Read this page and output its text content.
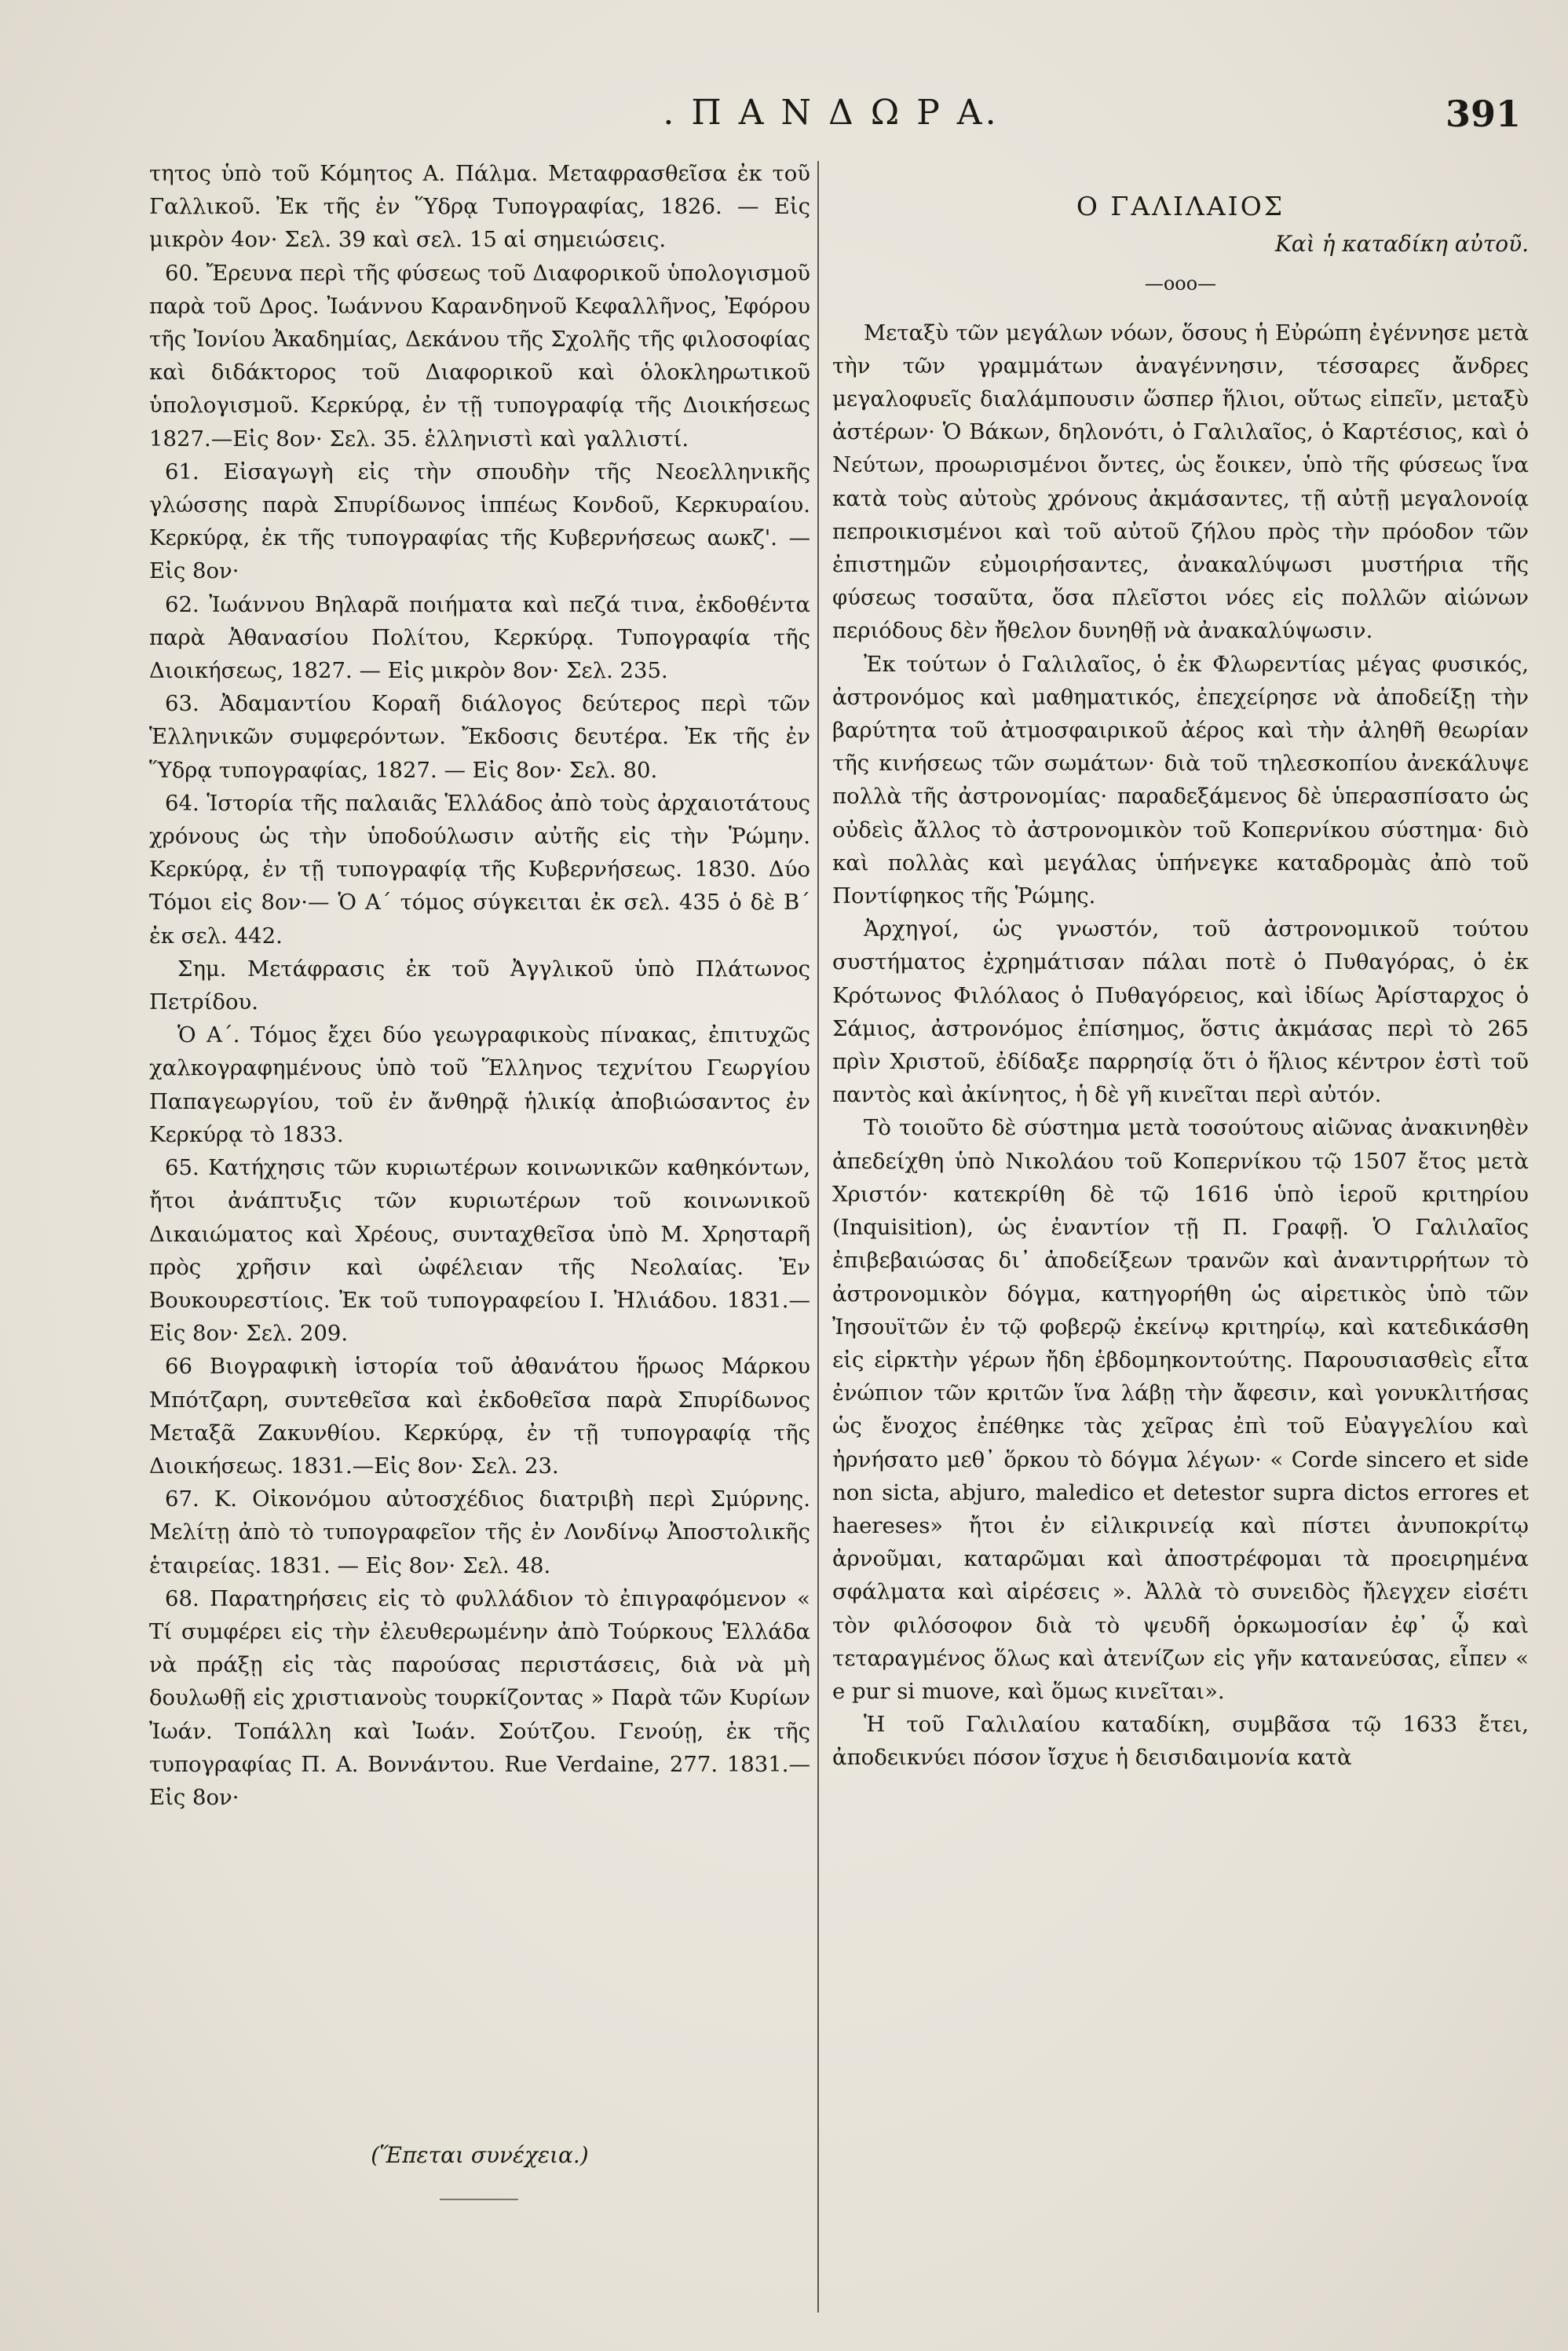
. Π Α Ν Δ Ω Ρ Α.	391

τητος ὑπὸ τοῦ Κόμητος Α. Πάλμα. Μεταφρασθεῖσα ἐκ τοῦ Γαλλικοῦ. Ἐκ τῆς ἐν Ὕδρᾳ Τυπογραφίας, 1826. — Εἰς μικρὸν 4ον· Σελ. 39 καὶ σελ. 15 αἱ σημειώσεις.

60. Ἔρευνα περὶ τῆς φύσεως τοῦ Διαφορικοῦ ὑπολογισμοῦ παρὰ τοῦ Δρος. Ἰωάννου Καρανδηνοῦ Κεφαλλῆνος, Ἐφόρου τῆς Ἰονίου Ἀκαδημίας, Δεκάνου τῆς Σχολῆς τῆς φιλοσοφίας καὶ διδάκτορος τοῦ Διαφορικοῦ καὶ ὁλοκληρωτικοῦ ὑπολογισμοῦ. Κερκύρᾳ, ἐν τῇ τυπογραφίᾳ τῆς Διοικήσεως 1827.—Εἰς 8ον· Σελ. 35. ἑλληνιστὶ καὶ γαλλιστί.

61. Εἰσαγωγὴ εἰς τὴν σπουδὴν τῆς Νεοελληνικῆς γλώσσης παρὰ Σπυρίδωνος ἱππέως Κονδοῦ, Κερκυραίου. Κερκύρᾳ, ἐκ τῆς τυπογραφίας τῆς Κυβερνήσεως αωκζ'. — Εἰς 8ον·

62. Ἰωάννου Βηλαρᾶ ποιήματα καὶ πεζά τινα, ἐκδοθέντα παρὰ Ἀθανασίου Πολίτου, Κερκύρᾳ. Τυπογραφία τῆς Διοικήσεως, 1827. — Εἰς μικρὸν 8ον· Σελ. 235.

63. Ἀδαμαντίου Κοραῆ διάλογος δεύτερος περὶ τῶν Ἑλληνικῶν συμφερόντων. Ἔκδοσις δευτέρα. Ἐκ τῆς ἐν Ὕδρᾳ τυπογραφίας, 1827. — Εἰς 8ον· Σελ. 80.

64. Ἱστορία τῆς παλαιᾶς Ἑλλάδος ἀπὸ τοὺς ἀρχαιοτάτους χρόνους ὡς τὴν ὑποδούλωσιν αὐτῆς εἰς τὴν Ῥώμην. Κερκύρᾳ, ἐν τῇ τυπογραφίᾳ τῆς Κυβερνήσεως. 1830. Δύο Τόμοι εἰς 8ον·— Ὁ Α΄ τόμος σύγκειται ἐκ σελ. 435 ὁ δὲ Β΄ ἐκ σελ. 442.

Σημ. Μετάφρασις ἐκ τοῦ Ἀγγλικοῦ ὑπὸ Πλάτωνος Πετρίδου.

Ὁ Α΄. Τόμος ἔχει δύο γεωγραφικοὺς πίνακας, ἐπιτυχῶς χαλκογραφημένους ὑπὸ τοῦ Ἕλληνος τεχνίτου Γεωργίου Παπαγεωργίου, τοῦ ἐν ἄνθηρᾷ ἡλικίᾳ ἀποβιώσαντος ἐν Κερκύρᾳ τὸ 1833.

65. Κατήχησις τῶν κυριωτέρων κοινωνικῶν καθηκόντων, ἤτοι ἀνάπτυξις τῶν κυριωτέρων τοῦ κοινωνικοῦ Δικαιώματος καὶ Χρέους, συνταχθεῖσα ὑπὸ Μ. Χρησταρῆ πρὸς χρῆσιν καὶ ὠφέλειαν τῆς Νεολαίας. Ἐν Βουκουρεστίοις. Ἐκ τοῦ τυπογραφείου Ι. Ἠλιάδου. 1831.—Εἰς 8ον· Σελ. 209.

66 Βιογραφικὴ ἱστορία τοῦ ἀθανάτου ἥρωος Μάρκου Μπότζαρη, συντεθεῖσα καὶ ἐκδοθεῖσα παρὰ Σπυρίδωνος Μεταξᾶ Ζακυνθίου. Κερκύρᾳ, ἐν τῇ τυπογραφίᾳ τῆς Διοικήσεως. 1831.—Εἰς 8ον· Σελ. 23.

67. Κ. Οἰκονόμου αὐτοσχέδιος διατριβὴ περὶ Σμύρνης. Μελίτῃ ἀπὸ τὸ τυπογραφεῖον τῆς ἐν Λονδίνῳ Ἀποστολικῆς ἑταιρείας. 1831. — Εἰς 8ον· Σελ. 48.

68. Παρατηρήσεις εἰς τὸ φυλλάδιον τὸ ἐπιγραφόμενον « Τί συμφέρει εἰς τὴν ἐλευθερωμένην ἀπὸ Τούρκους Ἑλλάδα νὰ πράξῃ εἰς τὰς παρούσας περιστάσεις, διὰ νὰ μὴ δουλωθῇ εἰς χριστιανοὺς τουρκίζοντας » Παρὰ τῶν Κυρίων Ἰωάν. Τοπάλλη καὶ Ἰωάν. Σούτζου. Γενούῃ, ἐκ τῆς τυπογραφίας Π. Α. Βοννάντου. Rue Verdaine, 277. 1831.— Εἰς 8ον·

(Ἕπεται συνέχεια.)
Ο ΓΑΛΙΛΑΙΟΣ
Καὶ ἡ καταδίκη αὐτοῦ.
—ooo—

Μεταξὺ τῶν μεγάλων νόων, ὅσους ἡ Εὐρώπη ἐγέννησε μετὰ τὴν τῶν γραμμάτων ἀναγέννησιν, τέσσαρες ἄνδρες μεγαλοφυεῖς διαλάμπουσιν ὥσπερ ἥλιοι, οὕτως εἰπεῖν, μεταξὺ ἀστέρων· Ὁ Βάκων, δηλονότι, ὁ Γαλιλαῖος, ὁ Καρτέσιος, καὶ ὁ Νεύτων, προωρισμένοι ὄντες, ὡς ἔοικεν, ὑπὸ τῆς φύσεως ἵνα κατὰ τοὺς αὐτοὺς χρόνους ἀκμάσαντες, τῇ αὐτῇ μεγαλονοίᾳ πεπροικισμένοι καὶ τοῦ αὐτοῦ ζήλου πρὸς τὴν πρόοδον τῶν ἐπιστημῶν εὐμοιρήσαντες, ἀνακαλύψωσι μυστήρια τῆς φύσεως τοσαῦτα, ὅσα πλεῖστοι νόες εἰς πολλῶν αἰώνων περιόδους δὲν ἤθελον δυνηθῇ νὰ ἀνακαλύψωσιν.

Ἐκ τούτων ὁ Γαλιλαῖος, ὁ ἐκ Φλωρεντίας μέγας φυσικός, ἀστρονόμος καὶ μαθηματικός, ἐπεχείρησε νὰ ἀποδείξῃ τὴν βαρύτητα τοῦ ἀτμοσφαιρικοῦ ἀέρος καὶ τὴν ἀληθῆ θεωρίαν τῆς κινήσεως τῶν σωμάτων· διὰ τοῦ τηλεσκοπίου ἀνεκάλυψε πολλὰ τῆς ἀστρονομίας· παραδεξάμενος δὲ ὑπερασπίσατο ὡς οὐδεὶς ἄλλος τὸ ἀστρονομικὸν τοῦ Κοπερνίκου σύστημα· διὸ καὶ πολλὰς καὶ μεγάλας ὑπήνεγκε καταδρομὰς ἀπὸ τοῦ Ποντίφηκος τῆς Ῥώμης.

Ἀρχηγοί, ὡς γνωστόν, τοῦ ἀστρονομικοῦ τούτου συστήματος ἐχρημάτισαν πάλαι ποτὲ ὁ Πυθαγόρας, ὁ ἐκ Κρότωνος Φιλόλαος ὁ Πυθαγόρειος, καὶ ἰδίως Ἀρίσταρχος ὁ Σάμιος, ἀστρονόμος ἐπίσημος, ὅστις ἀκμάσας περὶ τὸ 265 πρὶν Χριστοῦ, ἐδίδαξε παρρησίᾳ ὅτι ὁ ἥλιος κέντρον ἐστὶ τοῦ παντὸς καὶ ἀκίνητος, ἡ δὲ γῆ κινεῖται περὶ αὐτόν.

Τὸ τοιοῦτο δὲ σύστημα μετὰ τοσούτους αἰῶνας ἀνακινηθὲν ἀπεδείχθη ὑπὸ Νικολάου τοῦ Κοπερνίκου τῷ 1507 ἔτος μετὰ Χριστόν· κατεκρίθη δὲ τῷ 1616 ὑπὸ ἱεροῦ κριτηρίου (Inquisition), ὡς ἐναντίον τῇ Π. Γραφῇ. Ὁ Γαλιλαῖος ἐπιβεβαιώσας δι᾽ ἀποδείξεων τρανῶν καὶ ἀναντιρρήτων τὸ ἀστρονομικὸν δόγμα, κατηγορήθη ὡς αἱρετικὸς ὑπὸ τῶν Ἰησουϊτῶν ἐν τῷ φοβερῷ ἐκείνῳ κριτηρίῳ, καὶ κατεδικάσθη εἰς εἱρκτὴν γέρων ἤδη ἑβδομηκοντούτης. Παρουσιασθεὶς εἶτα ἐνώπιον τῶν κριτῶν ἵνα λάβῃ τὴν ἄφεσιν, καὶ γονυκλιτήσας ὡς ἔνοχος ἐπέθηκε τὰς χεῖρας ἐπὶ τοῦ Εὐαγγελίου καὶ ἠρνήσατο μεθ᾽ ὅρκου τὸ δόγμα λέγων· « Corde sincero et side non sicta, abjuro, maledico et detestor supra dictos errores et haereses» ἤτοι ἐν εἰλικρινείᾳ καὶ πίστει ἀνυποκρίτῳ ἀρνοῦμαι, καταρῶμαι καὶ ἀποστρέφομαι τὰ προειρημένα σφάλματα καὶ αἱρέσεις ». Ἀλλὰ τὸ συνειδὸς ἤλεγχεν εἰσέτι τὸν φιλόσοφον διὰ τὸ ψευδῆ ὁρκωμοσίαν ἐφ᾽ ᾧ καὶ τεταραγμένος ὅλως καὶ ἀτενίζων εἰς γῆν κατανεύσας, εἶπεν « e pur si muove, καὶ ὅμως κινεῖται».

Ἡ τοῦ Γαλιλαίου καταδίκη, συμβᾶσα τῷ 1633 ἔτει, ἀποδεικνύει πόσον ἴσχυε ἡ δεισιδαιμονία κατὰ
